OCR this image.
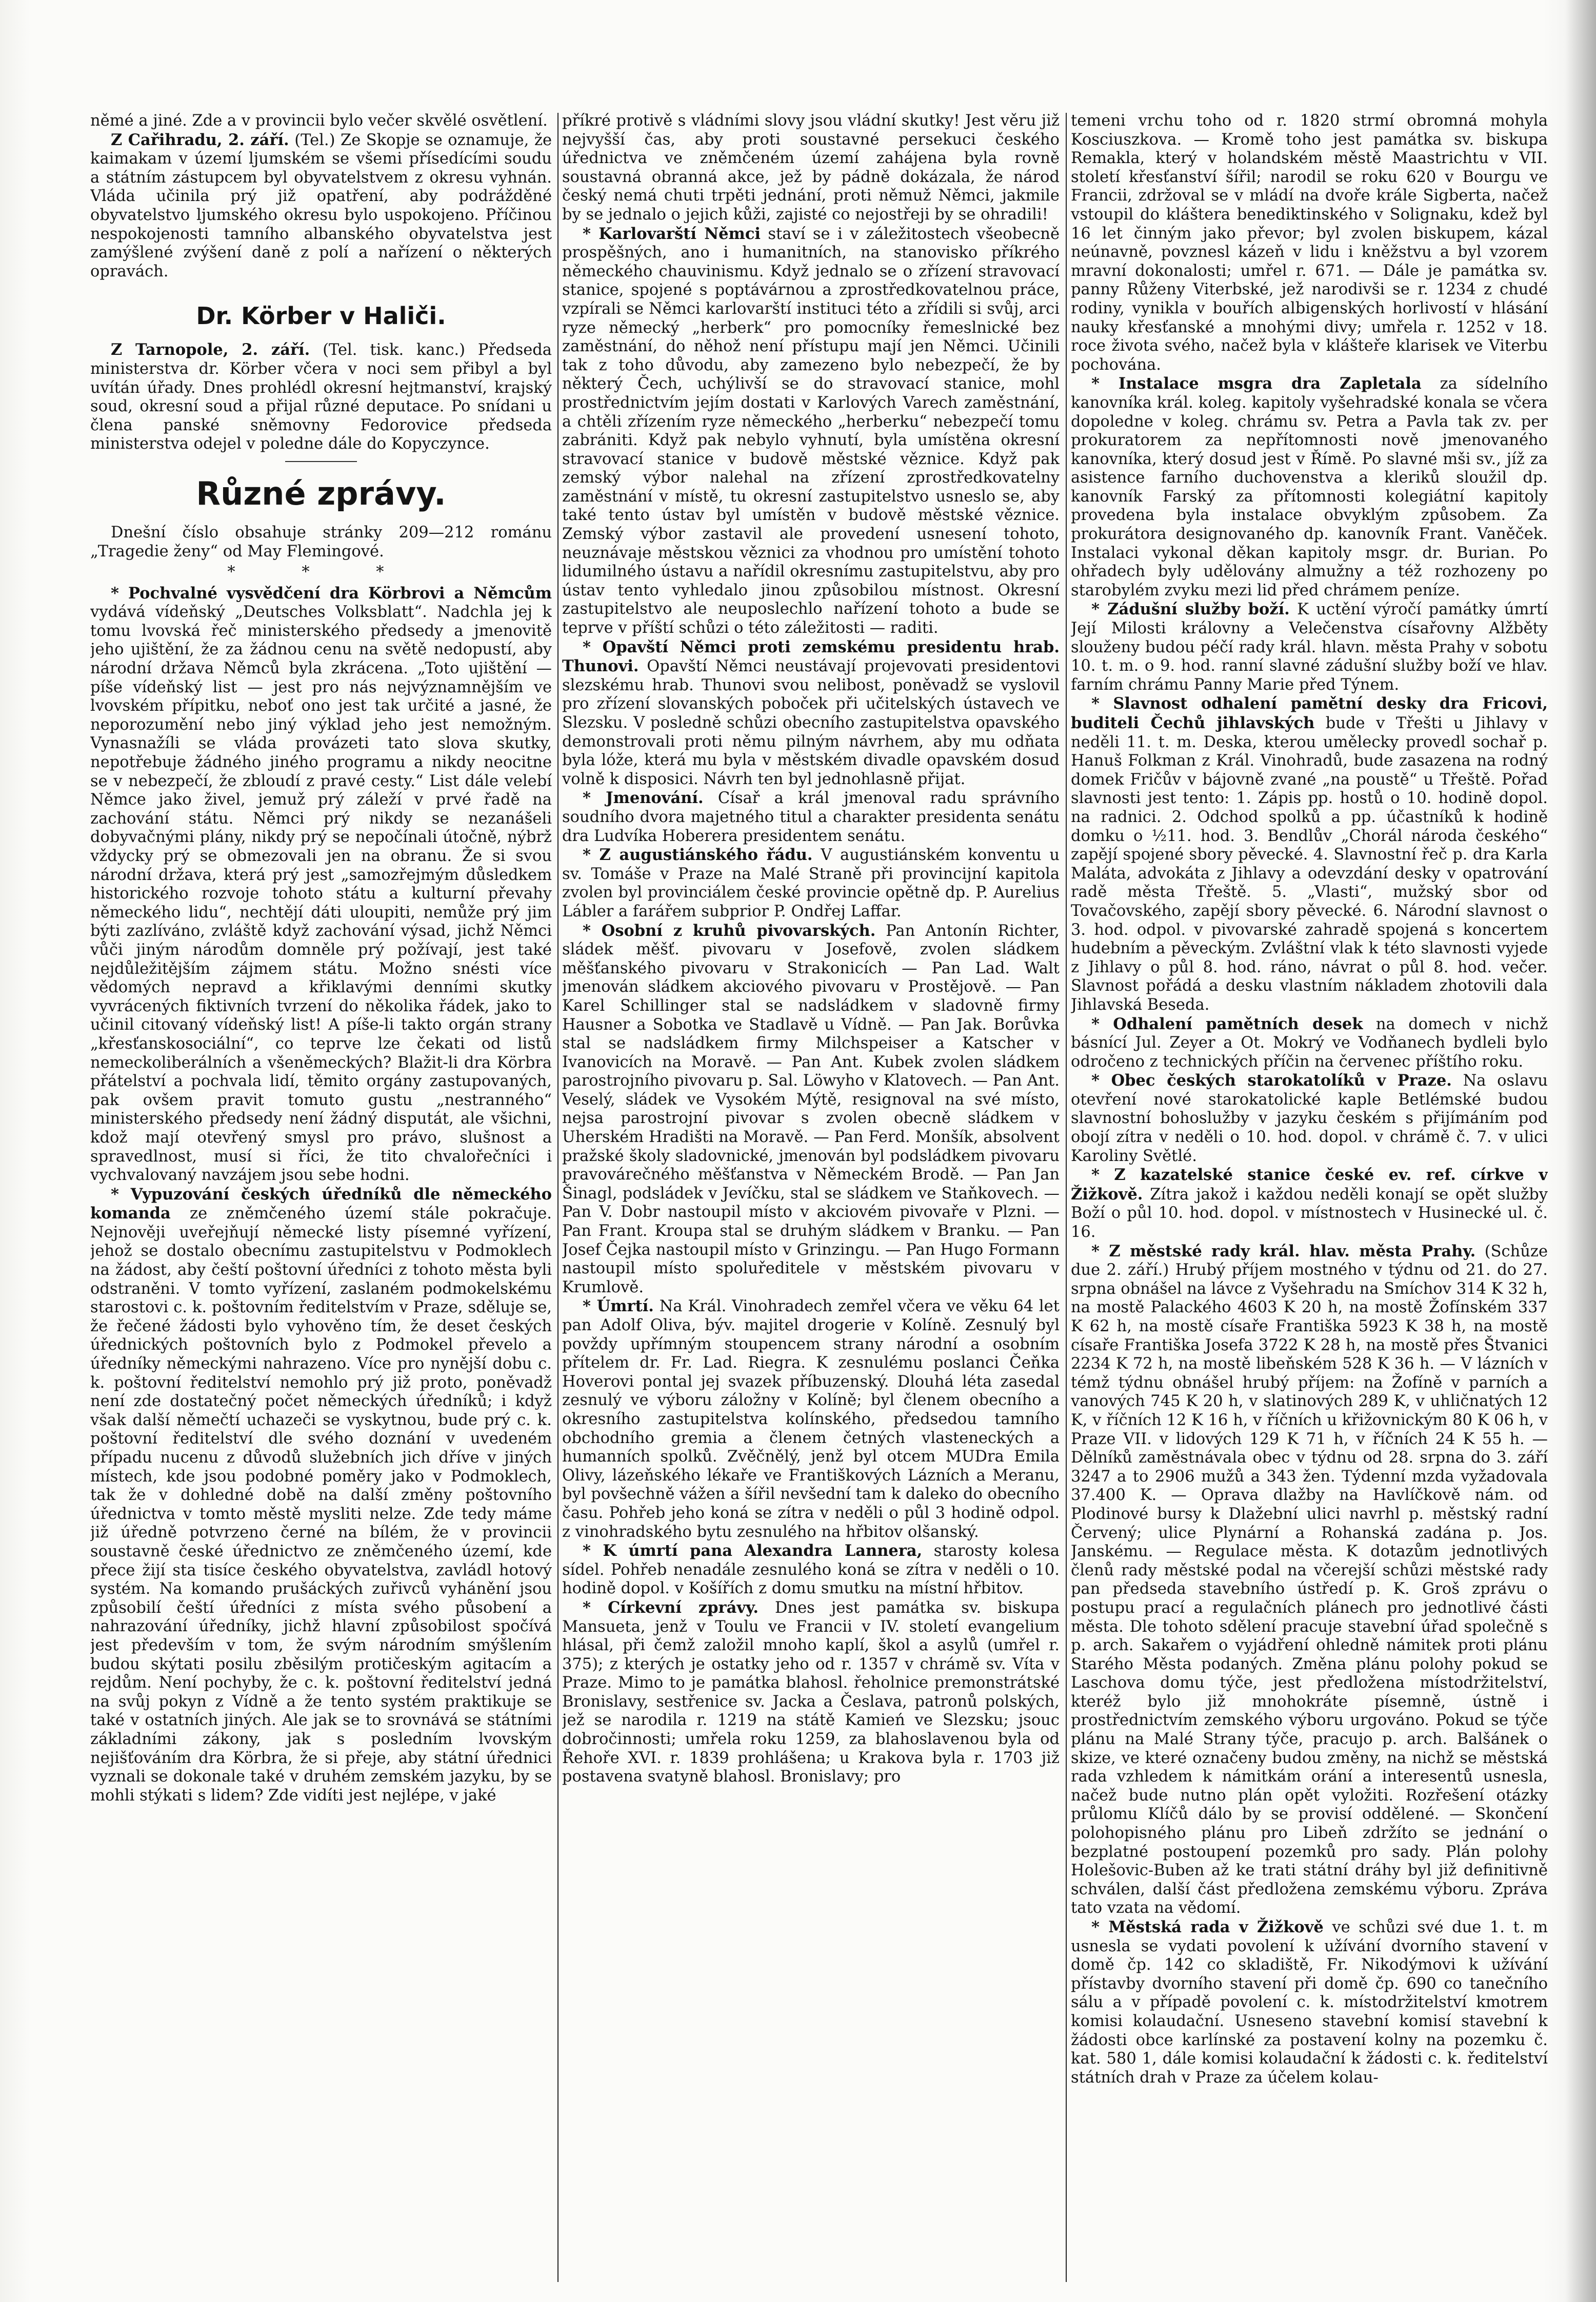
němé a jiné. Zde a v provincii bylo večer skvělé osvětlení.

Z Cařihradu, 2. září. (Tel.) Ze Skopje se oznamuje, že kaimakam v území ljumském se všemi přísedícími soudu a státním zástupcem byl obyvatelstvem z okresu vyhnán. Vláda učinila prý již opatření, aby podrážděné obyvatelstvo ljumského okresu bylo uspokojeno. Příčinou nespokojenosti tamního albanského obyvatelstva jest zamýšlené zvýšení daně z polí a nařízení o některých opravách.

Dr. Körber v Haliči.

Z Tarnopole, 2. září. (Tel. tisk. kanc.) Předseda ministerstva dr. Körber včera v noci sem přibyl a byl uvítán úřady. Dnes prohlédl okresní hejtmanství, krajský soud, okresní soud a přijal různé deputace. Po snídani u člena panské sněmovny Fedorovice předseda ministerstva odejel v poledne dále do Kopyczynce.

Různé zprávy.

Dnešní číslo obsahuje stránky 209—212 románu „Tragedie ženy“ od May Flemingové.

* * *

* Pochvalné vysvědčení dra Körbrovi a Němcům vydává vídeňský „Deutsches Volksblatt“. Nadchla jej k tomu lvovská řeč ministerského předsedy a jmenovitě jeho ujištění, že za žádnou cenu na světě nedopustí, aby národní država Němců byla zkrácena. „Toto ujištění — píše vídeňský list — jest pro nás nejvýznamnějším ve lvovském přípitku, neboť ono jest tak určité a jasné, že neporozumění nebo jiný výklad jeho jest nemožným. Vynasnažíli se vláda provázeti tato slova skutky, nepotřebuje žádného jiného programu a nikdy neocitne se v nebezpečí, že zbloudí z pravé cesty.“ List dále velebí Němce jako živel, jemuž prý záleží v prvé řadě na zachování státu. Němci prý nikdy se nezanášeli dobyvačnými plány, nikdy prý se nepočínali útočně, nýbrž vždycky prý se obmezovali jen na obranu. Že si svou národní država, která prý jest „samozřejmým důsledkem historického rozvoje tohoto státu a kulturní převahy německého lidu“, nechtějí dáti uloupiti, nemůže prý jim býti zazlíváno, zvláště když zachování výsad, jichž Němci vůči jiným národům domněle prý požívají, jest také nejdůležitějším zájmem státu. Možno snésti více vědomých nepravd a křiklavými denními skutky vyvrácených fiktivních tvrzení do několika řádek, jako to učinil citovaný vídeňský list! A píše-li takto orgán strany „křesťanskosociální“, co teprve lze čekati od listů nemeckoliberálních a všeněmeckých? Blažit-li dra Körbra přátelství a pochvala lidí, těmito orgány zastupovaných, pak ovšem pravit tomuto gustu „nestranného“ ministerského předsedy není žádný disputát, ale všichni, kdož mají otevřený smysl pro právo, slušnost a spravedlnost, musí si říci, že tito chvalořečníci i vychvalovaný navzájem jsou sebe hodni.

* Vypuzování českých úředníků dle německého komanda ze zněmčeného území stále pokračuje. Nejnověji uveřejňují německé listy písemné vyřízení, jehož se dostalo obecnímu zastupitelstvu v Podmoklech na žádost, aby čeští poštovní úředníci z tohoto města byli odstraněni. V tomto vyřízení, zaslaném podmokelskému starostovi c. k. poštovním ředitelstvím v Praze, sděluje se, že řečené žádosti bylo vyhověno tím, že deset českých úřednických poštovních bylo z Podmokel převelo a úředníky německými nahrazeno. Více pro nynější dobu c. k. poštovní ředitelství nemohlo prý již proto, poněvadž není zde dostatečný počet německých úředníků; i když však další němečtí uchazeči se vyskytnou, bude prý c. k. poštovní ředitelství dle svého doznání v uvedeném případu nucenu z důvodů služebních jich dříve v jiných místech, kde jsou podobné poměry jako v Podmoklech, tak že v dohledné době na další změny poštovního úřednictva v tomto městě mysliti nelze. Zde tedy máme již úředně potvrzeno černé na bílém, že v provincii soustavně české úřednictvo ze zněmčeného území, kde přece žijí sta tisíce českého obyvatelstva, zavládl hotový systém. Na komando prušáckých zuřivců vyhánění jsou způsobilí čeští úředníci z místa svého působení a nahrazování úředníky, jichž hlavní způsobilost spočívá jest především v tom, že svým národním smýšlením budou skýtati posilu zběsilým protičeským agitacím a rejdům. Není pochyby, že c. k. poštovní ředitelství jedná na svůj pokyn z Vídně a že tento systém praktikuje se také v ostatních jiných. Ale jak se to srovnává se státními základními zákony, jak s posledním lvovským nejišťováním dra Körbra, že si přeje, aby státní úřednici vyznali se dokonale také v druhém zemském jazyku, by se mohli stýkati s lidem? Zde vidíti jest nejlépe, v jaké

příkré protivě s vládními slovy jsou vládní skutky! Jest věru již nejvyšší čas, aby proti soustavné persekuci českého úřednictva ve zněmčeném území zahájena byla rovně soustavná obranná akce, jež by pádně dokázala, že národ český nemá chuti trpěti jednání, proti němuž Němci, jakmile by se jednalo o jejich kůži, zajisté co nejostřeji by se ohradili!

* Karlovarští Němci staví se i v záležitostech všeobecně prospěšných, ano i humanitních, na stanovisko příkrého německého chauvinismu. Když jednalo se o zřízení stravovací stanice, spojené s poptávárnou a zprostředkovatelnou práce, vzpírali se Němci karlovarští instituci této a zřídili si svůj, arci ryze německý „herberk“ pro pomocníky řemeslnické bez zaměstnání, do něhož není přístupu mají jen Němci. Učinili tak z toho důvodu, aby zamezeno bylo nebezpečí, že by některý Čech, uchýlivší se do stravovací stanice, mohl prostřednictvím jejím dostati v Karlových Varech zaměstnání, a chtěli zřízením ryze německého „herberku“ nebezpečí tomu zabrániti. Když pak nebylo vyhnutí, byla umístěna okresní stravovací stanice v budově městské věznice. Když pak zemský výbor nalehal na zřízení zprostředkovatelny zaměstnání v místě, tu okresní zastupitelstvo usneslo se, aby také tento ústav byl umístěn v budově městské věznice. Zemský výbor zastavil ale provedení usnesení tohoto, neuznávaje městskou věznici za vhodnou pro umístění tohoto lidumilného ústavu a nařídil okresnímu zastupitelstvu, aby pro ústav tento vyhledalo jinou způsobilou místnost. Okresní zastupitelstvo ale neuposlechlo nařízení tohoto a bude se teprve v příští schůzi o této záležitosti — raditi.

* Opavští Němci proti zemskému presidentu hrab. Thunovi. Opavští Němci neustávají projevovati presidentovi slezskému hrab. Thunovi svou nelibost, poněvadž se vyslovil pro zřízení slovanských poboček při učitelských ústavech ve Slezsku. V posledně schůzi obecního zastupitelstva opavského demonstrovali proti němu pilným návrhem, aby mu odňata byla lóže, která mu byla v městském divadle opavském dosud volně k disposici. Návrh ten byl jednohlasně přijat.

* Jmenování. Císař a král jmenoval radu správního soudního dvora majetného titul a charakter presidenta senátu dra Ludvíka Hoberera presidentem senátu.

* Z augustiánského řádu. V augustiánském konventu u sv. Tomáše v Praze na Malé Straně při provincijní kapitola zvolen byl provinciálem české provincie opětně dp. P. Aurelius Lábler a farářem subprior P. Ondřej Laffar.

* Osobní z kruhů pivovarských. Pan Antonín Richter, sládek měšť. pivovaru v Josefově, zvolen sládkem měšťanského pivovaru v Strakonicích — Pan Lad. Walt jmenován sládkem akciového pivovaru v Prostějově. — Pan Karel Schillinger stal se nadsládkem v sladovně firmy Hausner a Sobotka ve Stadlavě u Vídně. — Pan Jak. Borůvka stal se nadsládkem firmy Milchspeiser a Katscher v Ivanovicích na Moravě. — Pan Ant. Kubek zvolen sládkem parostrojního pivovaru p. Sal. Löwyho v Klatovech. — Pan Ant. Veselý, sládek ve Vysokém Mýtě, resignoval na své místo, nejsa parostrojní pivovar s zvolen obecně sládkem v Uherském Hradišti na Moravě. — Pan Ferd. Monšík, absolvent pražské školy sladovnické, jmenován byl podsládkem pivovaru pravovárečného měšťanstva v Německém Brodě. — Pan Jan Šinagl, podsládek v Jevíčku, stal se sládkem ve Staňkovech. — Pan V. Dobr nastoupil místo v akciovém pivovaře v Plzni. — Pan Frant. Kroupa stal se druhým sládkem v Branku. — Pan Josef Čejka nastoupil místo v Grinzingu. — Pan Hugo Formann nastoupil místo spoluředitele v městském pivovaru v Krumlově.

* Úmrtí. Na Král. Vinohradech zemřel včera ve věku 64 let pan Adolf Oliva, býv. majitel drogerie v Kolíně. Zesnulý byl povždy upřímným stoupencem strany národní a osobním přítelem dr. Fr. Lad. Riegra. K zesnulému poslanci Čeňka Hoverovi pontal jej svazek příbuzenský. Dlouhá léta zasedal zesnulý ve výboru záložny v Kolíně; byl členem obecního a okresního zastupitelstva kolínského, předsedou tamního obchodního gremia a členem četných vlasteneckých a humanních spolků. Zvěčnělý, jenž byl otcem MUDra Emila Olivy, lázeňského lékaře ve Františkových Lázních a Meranu, byl povšechně vážen a šířil nevšední tam k daleko do obecního času. Pohřeb jeho koná se zítra v neděli o půl 3 hodině odpol. z vinohradského bytu zesnulého na hřbitov olšanský.

* K úmrtí pana Alexandra Lannera, starosty kolesa sídel. Pohřeb nenadále zesnulého koná se zítra v neděli o 10. hodině dopol. v Košířích z domu smutku na místní hřbitov.

* Církevní zprávy. Dnes jest památka sv. biskupa Mansueta, jenž v Toulu ve Francii v IV. století evangelium hlásal, při čemž založil mnoho kaplí, škol a asylů (umřel r. 375); z kterých je ostatky jeho od r. 1357 v chrámě sv. Víta v Praze. Mimo to je památka blahosl. řeholnice premonstrátské Bronislavy, sestřenice sv. Jacka a Česlava, patronů polských, jež se narodila r. 1219 na státě Kamień ve Slezsku; jsouc dobročinnosti; umřela roku 1259, za blahoslavenou byla od Řehoře XVI. r. 1839 prohlášena; u Krakova byla r. 1703 již postavena svatyně blahosl. Bronislavy; pro

temeni vrchu toho od r. 1820 strmí obromná mohyla Kosciuszkova. — Kromě toho jest památka sv. biskupa Remakla, který v holandském městě Maastrichtu v VII. století křesťanství šířil; narodil se roku 620 v Bourgu ve Francii, zdržoval se v mládí na dvoře krále Sigberta, načež vstoupil do kláštera benediktinského v Solignaku, kdež byl 16 let činným jako převor; byl zvolen biskupem, kázal neúnavně, povznesl kázeň v lidu i kněžstvu a byl vzorem mravní dokonalosti; umřel r. 671. — Dále je památka sv. panny Růženy Viterbské, jež narodivši se r. 1234 z chudé rodiny, vynikla v bouřích albigenských horlivostí v hlásání nauky křesťanské a mnohými divy; umřela r. 1252 v 18. roce života svého, načež byla v klášteře klarisek ve Viterbu pochována.

* Instalace msgra dra Zapletala za sídelního kanovníka král. koleg. kapitoly vyšehradské konala se včera dopoledne v koleg. chrámu sv. Petra a Pavla tak zv. per prokuratorem za nepřítomnosti nově jmenovaného kanovníka, který dosud jest v Římě. Po slavné mši sv., jíž za asistence farního duchovenstva a kleriků sloužil dp. kanovník Farský za přítomnosti kolegiátní kapitoly provedena byla instalace obvyklým způsobem. Za prokurátora designovaného dp. kanovník Frant. Vaněček. Instalaci vykonal děkan kapitoly msgr. dr. Burian. Po ohřadech byly udělovány almužny a též rozhozeny po starobylém zvyku mezi lid před chrámem peníze.

* Zádušní služby boží. K uctění výročí památky úmrtí Její Milosti královny a Velečenstva císařovny Alžběty slouženy budou péčí rady král. hlavn. města Prahy v sobotu 10. t. m. o 9. hod. ranní slavné zádušní služby boží ve hlav. farním chrámu Panny Marie před Týnem.

* Slavnost odhalení pamětní desky dra Fricovi, buditeli Čechů jihlavských bude v Třešti u Jihlavy v neděli 11. t. m. Deska, kterou umělecky provedl sochař p. Hanuš Folkman z Král. Vinohradů, bude zasazena na rodný domek Fričův v bájovně zvané „na poustě“ u Třeště. Pořad slavnosti jest tento: 1. Zápis pp. hostů o 10. hodině dopol. na radnici. 2. Odchod spolků a pp. účastníků k hodině domku o ½11. hod. 3. Bendlův „Chorál národa českého“ zapějí spojené sbory pěvecké. 4. Slavnostní řeč p. dra Karla Maláta, advokáta z Jihlavy a odevzdání desky v opatrování radě města Třeště. 5. „Vlasti“, mužský sbor od Tovačovského, zapějí sbory pěvecké. 6. Národní slavnost o 3. hod. odpol. v pivovarské zahradě spojená s koncertem hudebním a pěveckým. Zvláštní vlak k této slavnosti vyjede z Jihlavy o půl 8. hod. ráno, návrat o půl 8. hod. večer. Slavnost pořádá a desku vlastním nákladem zhotovili dala Jihlavská Beseda.

* Odhalení pamětních desek na domech v nichž básnící Jul. Zeyer a Ot. Mokrý ve Vodňanech bydleli bylo odročeno z technických příčin na červenec příštího roku.

* Obec českých starokatolíků v Praze. Na oslavu otevření nové starokatolické kaple Betlémské budou slavnostní bohoslužby v jazyku českém s přijímáním pod obojí zítra v neděli o 10. hod. dopol. v chrámě č. 7. v ulici Karoliny Světlé.

* Z kazatelské stanice české ev. ref. církve v Žižkově. Zítra jakož i každou neděli konají se opět služby Boží o půl 10. hod. dopol. v místnostech v Husinecké ul. č. 16.

* Z městské rady král. hlav. města Prahy. (Schůze due 2. září.) Hrubý příjem mostného v týdnu od 21. do 27. srpna obnášel na lávce z Vyšehradu na Smíchov 314 K 32 h, na mostě Palackého 4603 K 20 h, na mostě Žofínském 337 K 62 h, na mostě císaře Františka 5923 K 38 h, na mostě císaře Františka Josefa 3722 K 28 h, na mostě přes Štvanici 2234 K 72 h, na mostě libeňském 528 K 36 h. — V lázních v témž týdnu obnášel hrubý příjem: na Žofíně v parních a vanových 745 K 20 h, v slatinových 289 K, v uhličnatých 12 K, v říčních 12 K 16 h, v říčních u křižovnickým 80 K 06 h, v Praze VII. v lidových 129 K 71 h, v říčních 24 K 55 h. — Dělníků zaměstnávala obec v týdnu od 28. srpna do 3. září 3247 a to 2906 mužů a 343 žen. Týdenní mzda vyžadovala 37.400 K. — Oprava dlažby na Havlíčkově nám. od Plodinové bursy k Dlažební ulici navrhl p. městský radní Červený; ulice Plynární a Rohanská zadána p. Jos. Janskému. — Regulace města. K dotazům jednotlivých členů rady městské podal na včerejší schůzi městské rady pan předseda stavebního ústředí p. K. Groš zprávu o postupu prací a regulačních plánech pro jednotlivé části města. Dle tohoto sdělení pracuje stavební úřad společně s p. arch. Sakařem o vyjádření ohledně námitek proti plánu Starého Města podaných. Změna plánu polohy pokud se Laschova domu týče, jest předložena místodržitelství, kteréž bylo již mnohokráte písemně, ústně i prostřednictvím zemského výboru urgováno. Pokud se týče plánu na Malé Strany týče, pracujo p. arch. Balšánek o skize, ve které označeny budou změny, na nichž se městská rada vzhledem k námitkám orání a interesentů usnesla, načež bude nutno plán opět vyložiti. Rozřešení otázky průlomu Klíčů dálo by se provisí oddělené. — Skončení polohopisného plánu pro Libeň zdržíto se jednání o bezplatné postoupení pozemků pro sady. Plán polohy Holešovic-Buben až ke trati státní dráhy byl již definitivně schválen, další část předložena zemskému výboru. Zpráva tato vzata na vědomí.

* Městská rada v Žižkově ve schůzi své due 1. t. m usnesla se vydati povolení k užívání dvorního stavení v domě čp. 142 co skladiště, Fr. Nikodýmovi k užívání přístavby dvorního stavení při domě čp. 690 co tanečního sálu a v případě povolení c. k. místodržitelství kmotrem komisi kolaudační. Usneseno stavební komisí stavební k žádosti obce karlínské za postavení kolny na pozemku č. kat. 580 1, dále komisi kolaudační k žádosti c. k. ředitelství státních drah v Praze za účelem kolau-
